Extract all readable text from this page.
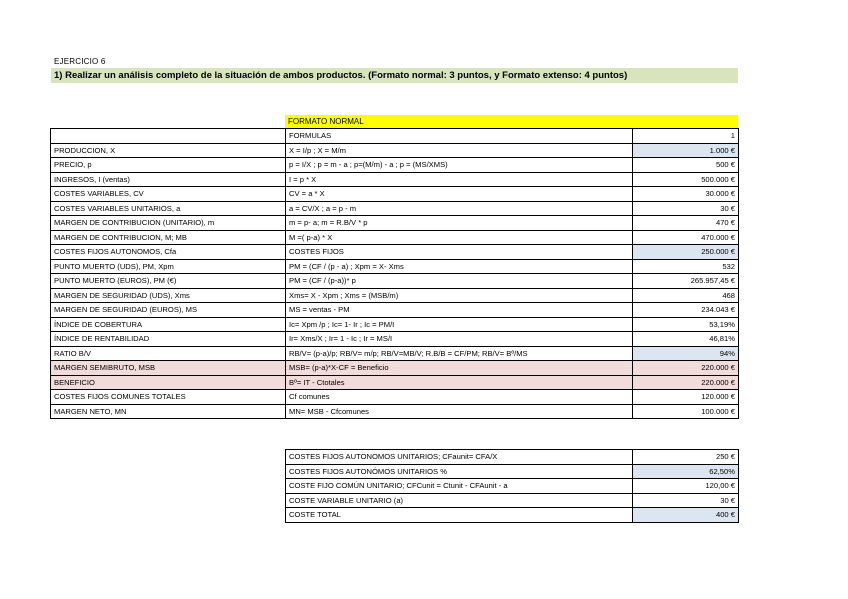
EJERCICIO 6
1) Realizar un análisis completo de la situación de ambos productos. (Formato normal: 3 puntos, y Formato extenso: 4 puntos)
FORMATO NORMAL
	FORMULAS	1
PRODUCCION, X	X = I/p ; X = M/m	1.000 €
PRECIO, p	p = I/X ; p = m - a ; p=(M/m) - a ; p = (MS/XMS)	500 €
INGRESOS, I (ventas)	I = p * X	500.000 €
COSTES VARIABLES, CV	CV = a * X	30.000 €
COSTES VARIABLES UNITARIOS, a	a = CV/X ; a = p - m	30 €
MARGEN DE CONTRIBUCION (UNITARIO), m	m = p- a; m = R.B/V * p	470 €
MARGEN DE CONTRIBUCION, M; MB	M =( p-a) * X	470.000 €
COSTES FIJOS AUTONOMOS, Cfa	COSTES FIJOS	250.000 €
PUNTO MUERTO (UDS), PM, Xpm	PM = (CF / (p - a) ; Xpm = X- Xms	532
PUNTO MUERTO (EUROS), PM (€)	PM = (CF / (p-a))* p	265.957,45 €
MARGEN DE SEGURIDAD (UDS), Xms	Xms= X - Xpm ; Xms = (MSB/m)	468
MARGEN DE SEGURIDAD (EUROS), MS	MS = ventas - PM	234.043 €
ÍNDICE DE COBERTURA	Ic= Xpm /p ; Ic= 1- Ir ; Ic = PM/I	53,19%
ÍNDICE DE RENTABILIDAD	Ir= Xms/X ; Ir= 1 - Ic ; Ir = MS/I	46,81%
RATIO B/V	RB/V= (p-a)/p; RB/V= m/p; RB/V=MB/V; R.B/B = CF/PM; RB/V= Bº/MS	94%
MARGEN SEMIBRUTO, MSB	MSB= (p-a)*X-CF = Beneficio	220.000 €
BENEFICIO	Bº= IT - Ctotales	220.000 €
COSTES FIJOS COMUNES TOTALES	Cf comunes	120.000 €
MARGEN NETO, MN	MN= MSB - Cfcomunes	100.000 €
COSTES FIJOS AUTONOMOS UNITARIOS; CFaunit= CFA/X	250 €
COSTES FIJOS AUTONÓMOS UNITARIOS %	62,50%
COSTE FIJO COMÚN UNITARIO; CFCunit = Ctunit - CFAunit - a	120,00 €
COSTE VARIABLE UNITARIO (a)	30 €
COSTE TOTAL	400 €
